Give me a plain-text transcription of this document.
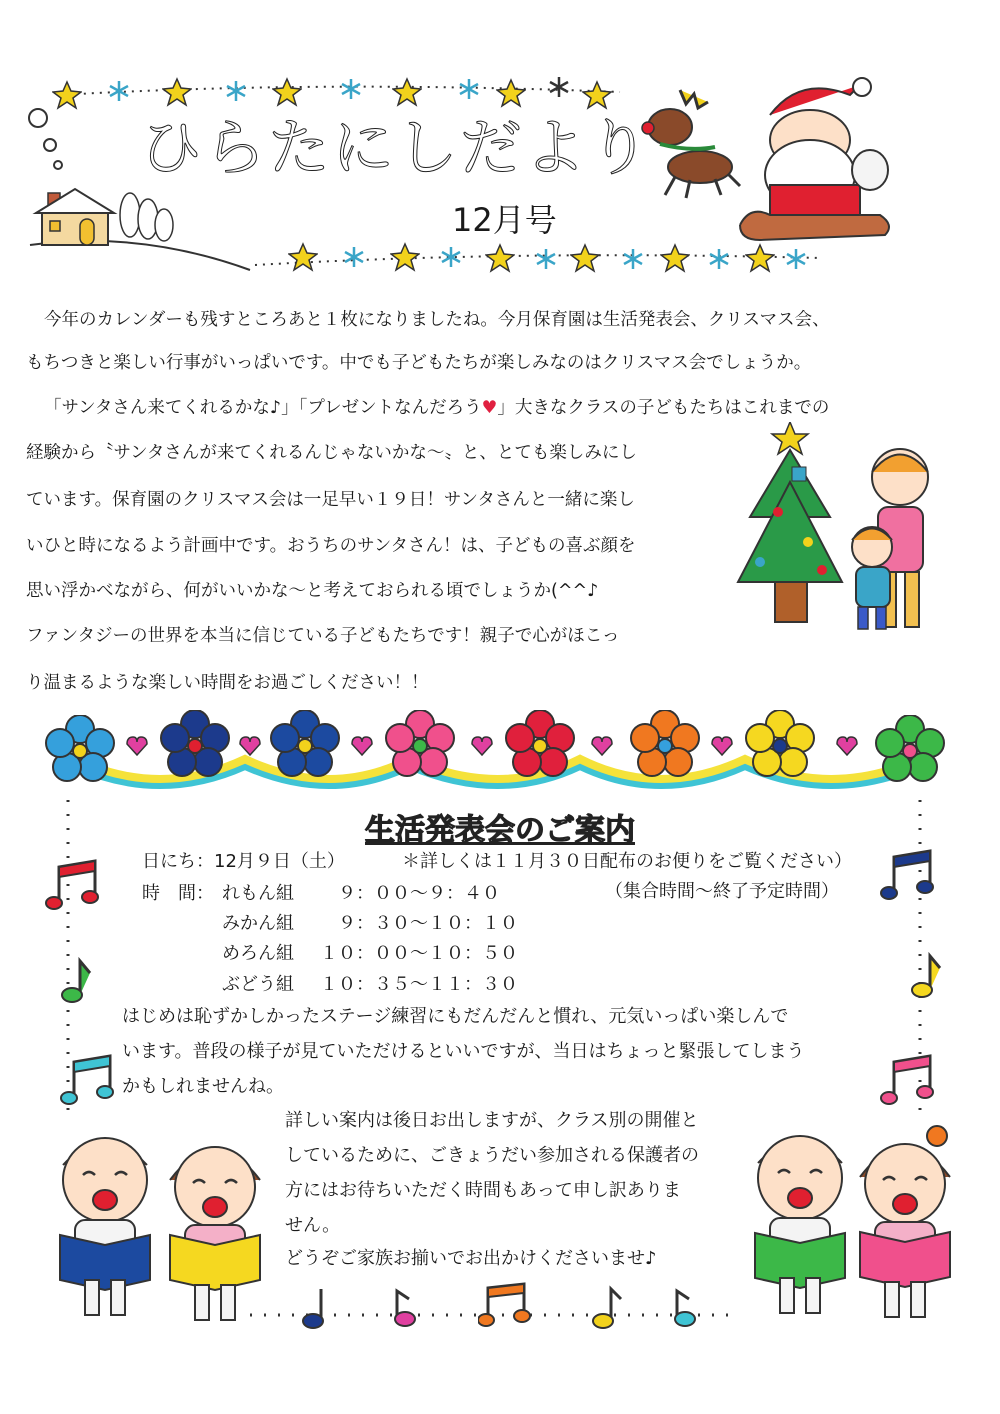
ひらたにしだより
12月号
今年のカレンダーも残すところあと１枚になりましたね。今月保育園は生活発表会、クリスマス会、
もちつきと楽しい行事がいっぱいです。中でも子どもたちが楽しみなのはクリスマス会でしょうか。
「サンタさん来てくれるかな♪」「プレゼントなんだろう♥」大きなクラスの子どもたちはこれまでの
経験から〝サンタさんが来てくれるんじゃないかな～〟と、とても楽しみにし
ています。保育園のクリスマス会は一足早い１９日！サンタさんと一緒に楽し
いひと時になるよう計画中です。おうちのサンタさん！は、子どもの喜ぶ顔を
思い浮かべながら、何がいいかな～と考えておられる頃でしょうか(^^♪
ファンタジーの世界を本当に信じている子どもたちです！親子で心がほこっ
り温まるような楽しい時間をお過ごしください！！
生活発表会のご案内
日にち：12月９日（土）	＊詳しくは１１月３０日配布のお便りをご覧ください）
時　間：	（集合時間～終了予定時間）
れもん組 　９：００～９：４０
みかん組 　９：３０～１０：１０
めろん組 １０：００～１０：５０
ぶどう組 １０：３５～１１：３０
はじめは恥ずかしかったステージ練習にもだんだんと慣れ、元気いっぱい楽しんで
います。普段の様子が見ていただけるといいですが、当日はちょっと緊張してしまう
かもしれませんね。
詳しい案内は後日お出しますが、クラス別の開催と
しているために、ごきょうだい参加される保護者の
方にはお待ちいただく時間もあって申し訳ありま
せん。
どうぞご家族お揃いでお出かけくださいませ♪
